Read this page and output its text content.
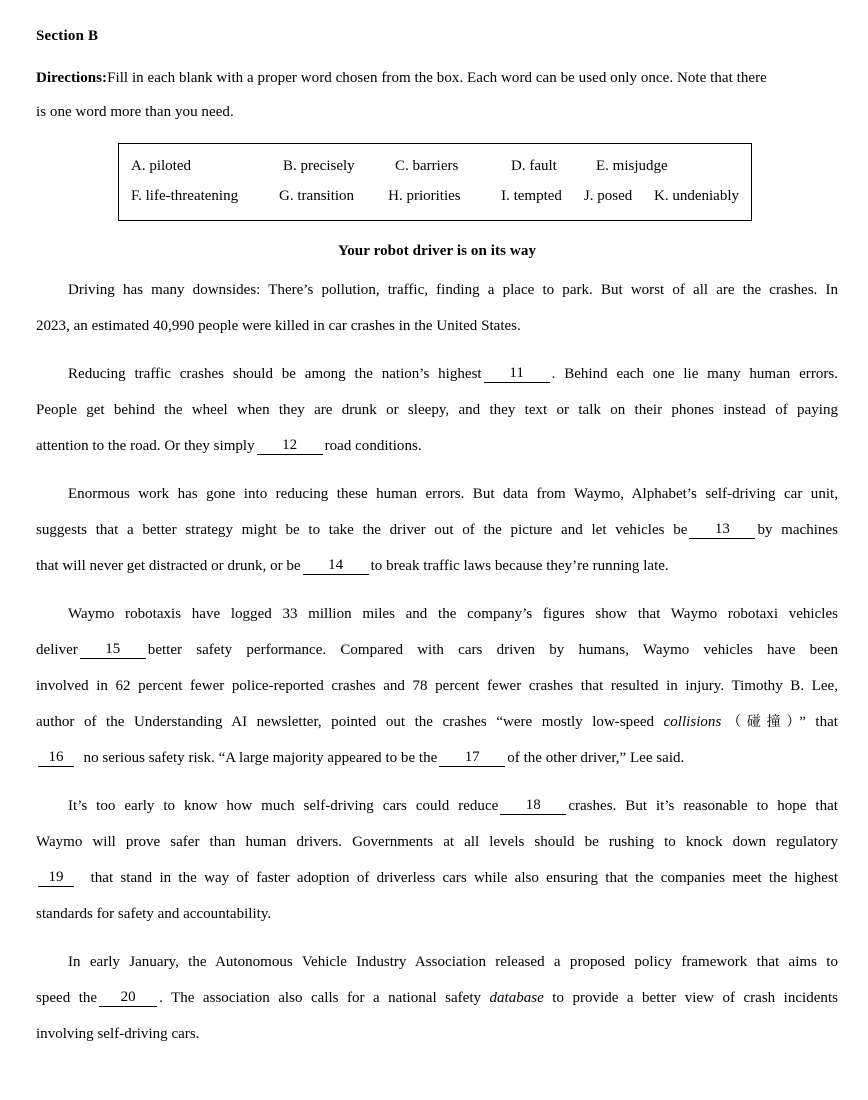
Section B
Directions:Fill in each blank with a proper word chosen from the box. Each word can be used only once. Note that there
is one word more than you need.
A. piloted	B. precisely	C. barriers	D. fault	E. misjudge
F. life-threatening	G. transition	H. priorities	I. tempted	J. posed	K. undeniably
Your robot driver is on its way
Driving has many downsides: There’s pollution, traffic, finding a place to park. But worst of all are the crashes. In
2023, an estimated 40,990 people were killed in car crashes in the United States.
Reducing traffic crashes should be among the nation’s highest 11 . Behind each one lie many human errors.
People get behind the wheel when they are drunk or sleepy, and they text or talk on their phones instead of paying
attention to the road. Or they simply 12 road conditions.
Enormous work has gone into reducing these human errors. But data from Waymo, Alphabet’s self-driving car unit,
suggests that a better strategy might be to take the driver out of the picture and let vehicles be 13 by machines
that will never get distracted or drunk, or be 14 to break traffic laws because they’re running late.
Waymo robotaxis have logged 33 million miles and the company’s figures show that Waymo robotaxi vehicles
deliver 15 better safety performance. Compared with cars driven by humans, Waymo vehicles have been
involved in 62 percent fewer police-reported crashes and 78 percent fewer crashes that resulted in injury. Timothy B. Lee,
author of the Understanding AI newsletter, pointed out the crashes “were mostly low-speed collisions（碰撞）” that
16 no serious safety risk. “A large majority appeared to be the 17 of the other driver,” Lee said.
It’s too early to know how much self-driving cars could reduce 18 crashes. But it’s reasonable to hope that
Waymo will prove safer than human drivers. Governments at all levels should be rushing to knock down regulatory
19 that stand in the way of faster adoption of driverless cars while also ensuring that the companies meet the highest
standards for safety and accountability.
In early January, the Autonomous Vehicle Industry Association released a proposed policy framework that aims to
speed the 20 . The association also calls for a national safety database to provide a better view of crash incidents
involving self-driving cars.
